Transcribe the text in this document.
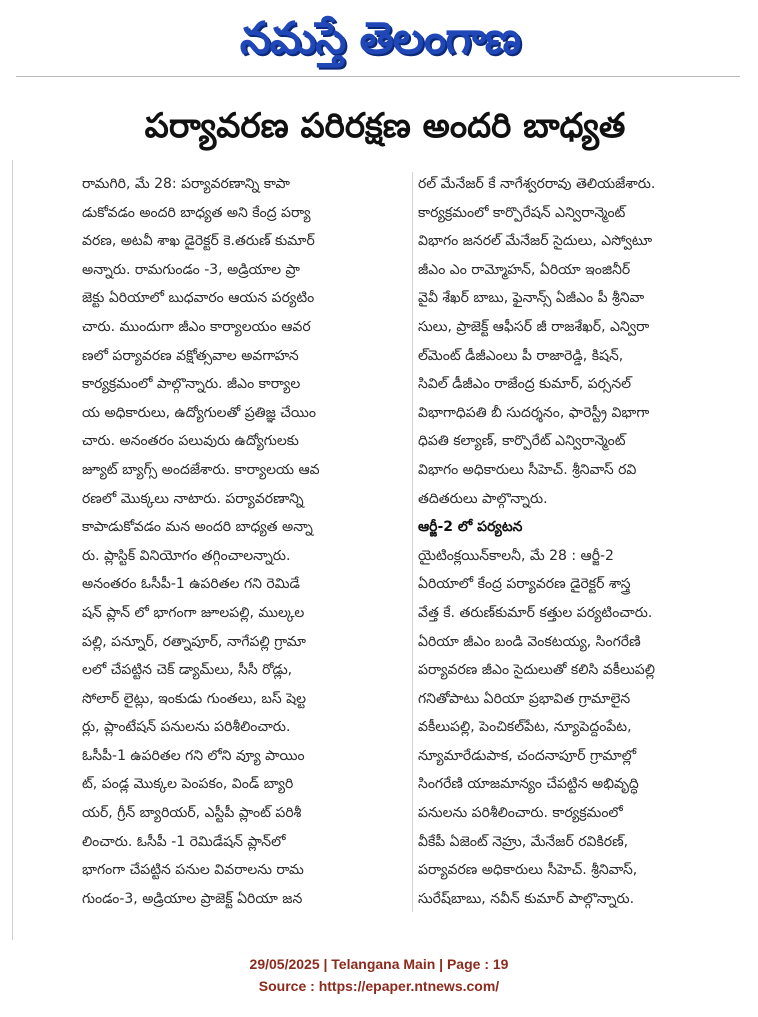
నమస్తే తెలంగాణ
పర్యావరణ పరిరక్షణ అందరి బాధ్యత
రామగిరి, మే 28: పర్యావరణాన్ని కాపా
డుకోవడం అందరి బాధ్యత అని కేంద్ర పర్యా
వరణ, అటవీ శాఖ డైరెక్టర్ కె.తరుణ్ కుమార్
అన్నారు. రామగుండం -3, అడ్రియాల ప్రా
జెక్టు ఏరియాలో బుధవారం ఆయన పర్యటిం
చారు. ముందుగా జీఎం కార్యాలయం ఆవర
ణలో పర్యావరణ వక్షోత్సవాల అవగాహన
కార్యక్రమంలో పాల్గొన్నారు. జీఎం కార్యాల
య అధికారులు, ఉద్యోగులతో ప్రతిజ్ఞ చేయిం
చారు. అనంతరం పలువురు ఉద్యోగులకు
జ్యూట్ బ్యాగ్స్ అందజేశారు. కార్యాలయ ఆవ
రణలో మొక్కలు నాటారు. పర్యావరణాన్ని
కాపాడుకోవడం మన అందరి బాధ్యత అన్నా
రు. ప్లాస్టిక్ వినియోగం తగ్గించాలన్నారు.
అనంతరం ఓసీపీ-1 ఉపరితల గని రెమిడే
షన్ ప్లాన్ లో భాగంగా జూలపల్లి, ముల్కల
పల్లి, పన్నూర్, రత్నాపూర్, నాగేపల్లి గ్రామా
లలో చేపట్టిన చెక్ డ్యామ్‌లు, సీసీ రోడ్లు,
సోలార్ లైట్లు, ఇంకుడు గుంతలు, బస్ షెల్ట
ర్లు, ప్లాంటేషన్ పనులను పరిశీలించారు.
ఓసీపీ-1 ఉపరితల గని లోని వ్యూ పాయిం
ట్, పండ్ల మొక్కల పెంపకం, విండ్ బ్యారి
యర్, గ్రీన్ బ్యారియర్, ఎస్టీపీ ప్లాంట్ పరిశీ
లించారు. ఓసీపీ -1 రెమిడేషన్ ప్లాన్‌లో
భాగంగా చేపట్టిన పనుల వివరాలను రామ
గుండం-3, అడ్రియాల ప్రాజెక్ట్ ఏరియా జన
రల్ మేనేజర్ కే నాగేశ్వరరావు తెలియజేశారు.
కార్యక్రమంలో కార్పొరేషన్ ఎన్విరాన్మెంట్
విభాగం జనరల్ మేనేజర్ సైదులు, ఎస్వోటూ
జీఎం ఎం రామ్మోహన్, ఏరియా ఇంజినీర్
వైవీ శేఖర్ బాబు, ఫైనాన్స్ ఏజీఎం పీ శ్రీనివా
సులు, ప్రాజెక్ట్ ఆఫీసర్ జీ రాజశేఖర్, ఎన్విరా
ల్‌మెంట్ డీజీఎంలు పీ రాజారెడ్డి, కిషన్,
సివిల్ డీజీఎం రాజేంద్ర కుమార్, పర్సనల్
విభాగాధిపతి బీ సుదర్శనం, ఫారెస్ట్రీ విభాగా
ధిపతి కల్యాణ్, కార్పొరేట్ ఎన్విరాన్మెంట్
విభాగం అధికారులు సీహెచ్. శ్రీనివాస్ రవి
తదితరులు పాల్గొన్నారు.
ఆర్జీ-2 లో పర్యటన
యైటింక్లయిన్‌కాలనీ, మే 28 : ఆర్జీ-2
ఏరియాలో కేంద్ర పర్యావరణ డైరెక్టర్ శాస్త్ర
వేత్త కే. తరుణ్‌కుమార్ కత్తుల పర్యటించారు.
ఏరియా జీఎం బండి వెంకటయ్య, సింగరేణి
పర్యావరణ జీఎం సైదులుతో కలిసి వకీలుపల్లి
గనితోపాటు ఏరియా ప్రభావిత గ్రామాలైన
వకీలుపల్లి, పెంచికల్‌పేట, న్యూపెద్దంపేట,
న్యూమారేడుపాక, చందనాపూర్ గ్రామాల్లో
సింగరేణి యాజమాన్యం చేపట్టిన అభివృద్ధి
పనులను పరిశీలించారు. కార్యక్రమంలో
వీకేపీ ఏజెంట్ నెహ్రు, మేనేజర్ రవికిరణ్,
పర్యావరణ అధికారులు సీహెచ్. శ్రీనివాస్,
సురేష్‌బాబు, నవీన్ కుమార్ పాల్గొన్నారు.
29/05/2025 | Telangana Main | Page : 19
Source : https://epaper.ntnews.com/
